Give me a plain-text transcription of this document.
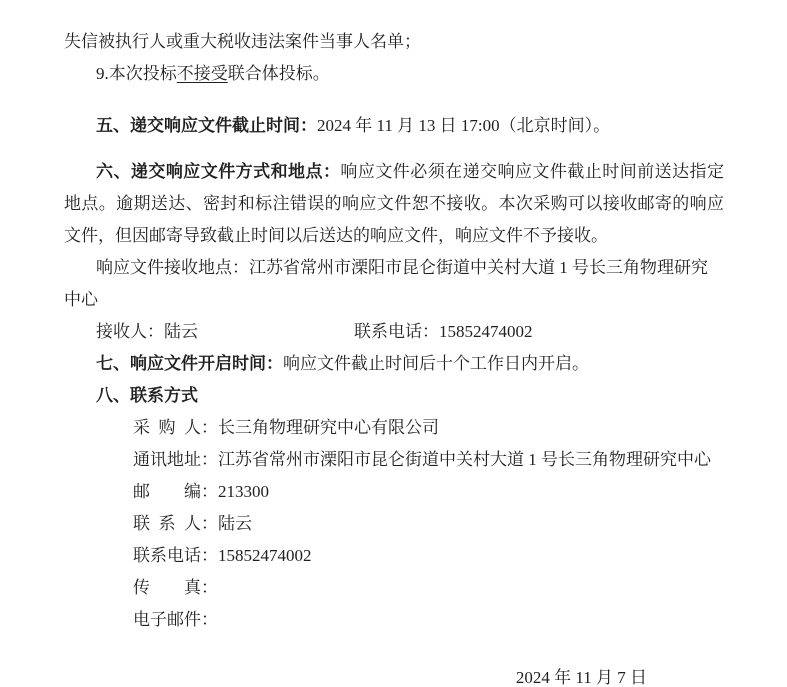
失信被执行人或重大税收违法案件当事人名单；

9.本次投标不接受联合体投标。

五、递交响应文件截止时间：2024 年 11 月 13 日 17:00（北京时间）。

六、递交响应文件方式和地点：响应文件必须在递交响应文件截止时间前送达指定地点。逾期送达、密封和标注错误的响应文件恕不接收。本次采购可以接收邮寄的响应文件，但因邮寄导致截止时间以后送达的响应文件，响应文件不予接收。

响应文件接收地点：江苏省常州市溧阳市昆仑街道中关村大道 1 号长三角物理研究中心

接收人：陆云	联系电话：15852474002

七、响应文件开启时间：响应文件截止时间后十个工作日内开启。

八、联系方式

采购人：长三角物理研究中心有限公司

通讯地址：江苏省常州市溧阳市昆仑街道中关村大道 1 号长三角物理研究中心

邮编：213300

联系人：陆云

联系电话：15852474002

传真：

电子邮件：

2024 年 11 月 7 日
